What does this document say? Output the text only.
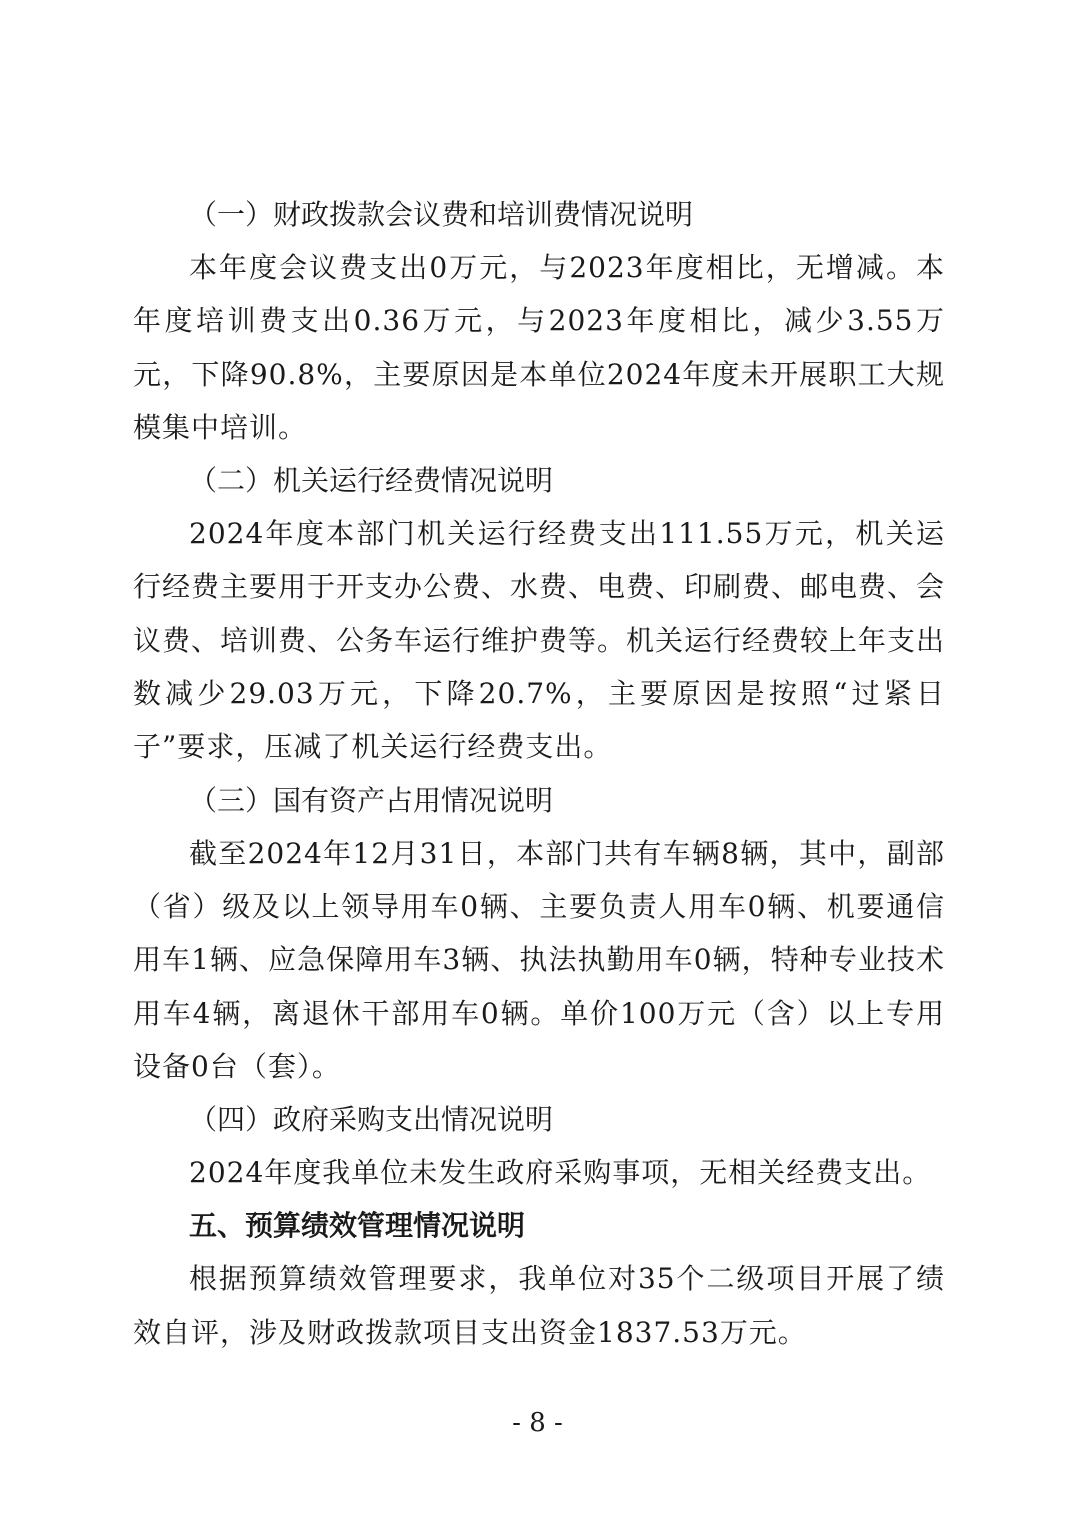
（一）财政拨款会议费和培训费情况说明

本年度会议费支出0万元，与2023年度相比，无增减。本年度培训费支出0.36万元，与2023年度相比，减少3.55万元，下降90.8%，主要原因是本单位2024年度未开展职工大规模集中培训。

（二）机关运行经费情况说明

2024年度本部门机关运行经费支出111.55万元，机关运行经费主要用于开支办公费、水费、电费、印刷费、邮电费、会议费、培训费、公务车运行维护费等。机关运行经费较上年支出数减少29.03万元，下降20.7%，主要原因是按照“过紧日子”要求，压减了机关运行经费支出。

（三）国有资产占用情况说明

截至2024年12月31日，本部门共有车辆8辆，其中，副部（省）级及以上领导用车0辆、主要负责人用车0辆、机要通信用车1辆、应急保障用车3辆、执法执勤用车0辆，特种专业技术用车4辆，离退休干部用车0辆。单价100万元（含）以上专用设备0台（套）。

（四）政府采购支出情况说明

2024年度我单位未发生政府采购事项，无相关经费支出。

五、预算绩效管理情况说明

根据预算绩效管理要求，我单位对35个二级项目开展了绩效自评，涉及财政拨款项目支出资金1837.53万元。

- 8 -
